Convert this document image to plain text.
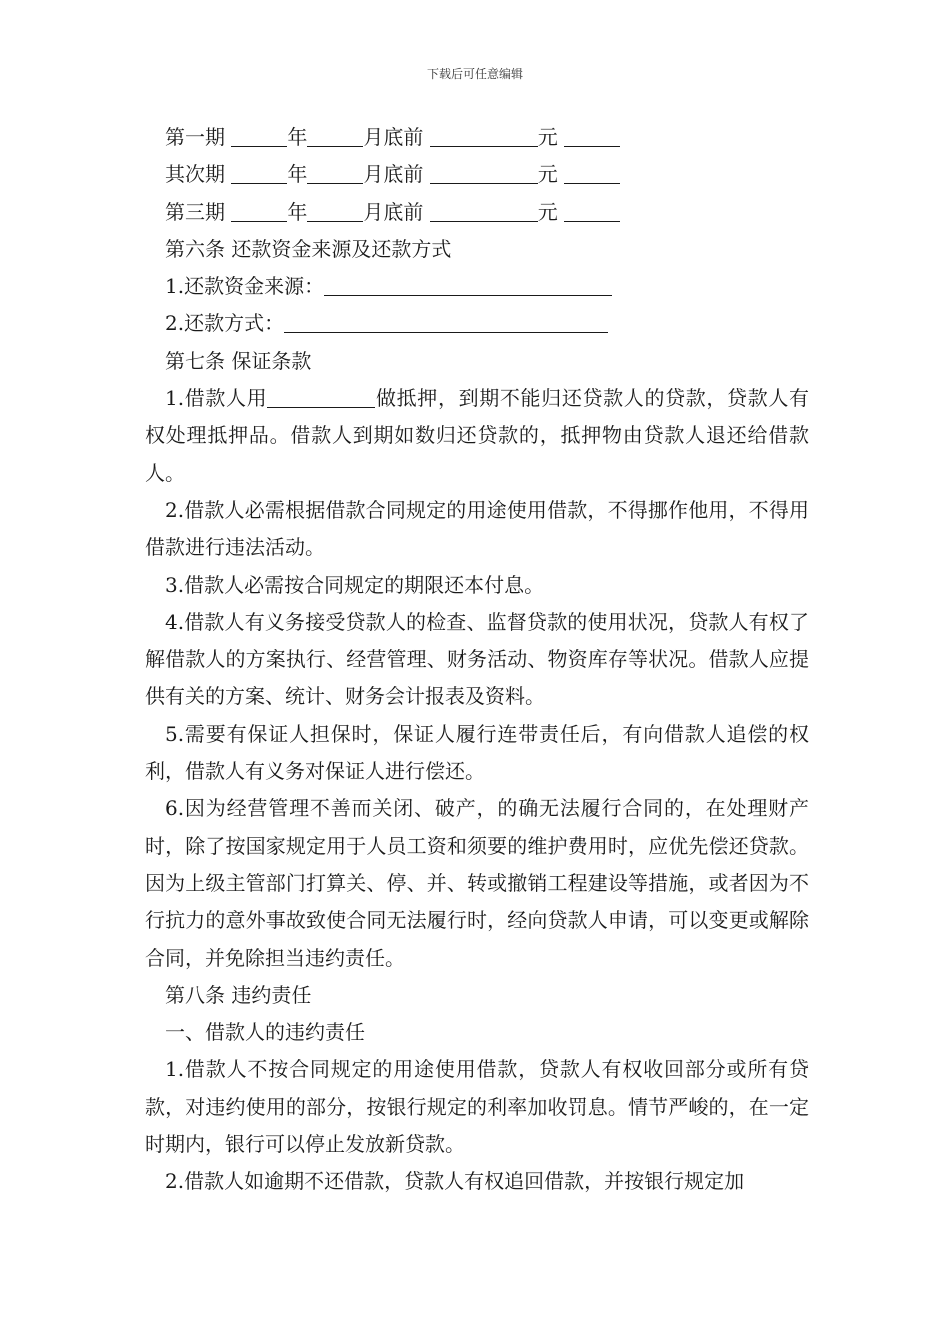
下载后可任意编辑
第一期	年	月底前	元
其次期	年	月底前	元
第三期	年	月底前	元
第六条 还款资金来源及还款方式
1.还款资金来源：
2.还款方式：
第七条 保证条款
1.借款人用	做抵押，到期不能归还贷款人的贷款，贷款人有权处理抵押品。借款人到期如数归还贷款的，抵押物由贷款人退还给借款人。
2.借款人必需根据借款合同规定的用途使用借款，不得挪作他用，不得用借款进行违法活动。
3.借款人必需按合同规定的期限还本付息。
4.借款人有义务接受贷款人的检查、监督贷款的使用状况，贷款人有权了解借款人的方案执行、经营管理、财务活动、物资库存等状况。借款人应提供有关的方案、统计、财务会计报表及资料。
5.需要有保证人担保时，保证人履行连带责任后，有向借款人追偿的权利，借款人有义务对保证人进行偿还。
6.因为经营管理不善而关闭、破产，的确无法履行合同的，在处理财产时，除了按国家规定用于人员工资和须要的维护费用时，应优先偿还贷款。因为上级主管部门打算关、停、并、转或撤销工程建设等措施，或者因为不行抗力的意外事故致使合同无法履行时，经向贷款人申请，可以变更或解除合同，并免除担当违约责任。
第八条 违约责任
一、借款人的违约责任
1.借款人不按合同规定的用途使用借款，贷款人有权收回部分或所有贷款，对违约使用的部分，按银行规定的利率加收罚息。情节严峻的，在一定时期内，银行可以停止发放新贷款。
2.借款人如逾期不还借款，贷款人有权追回借款，并按银行规定加
